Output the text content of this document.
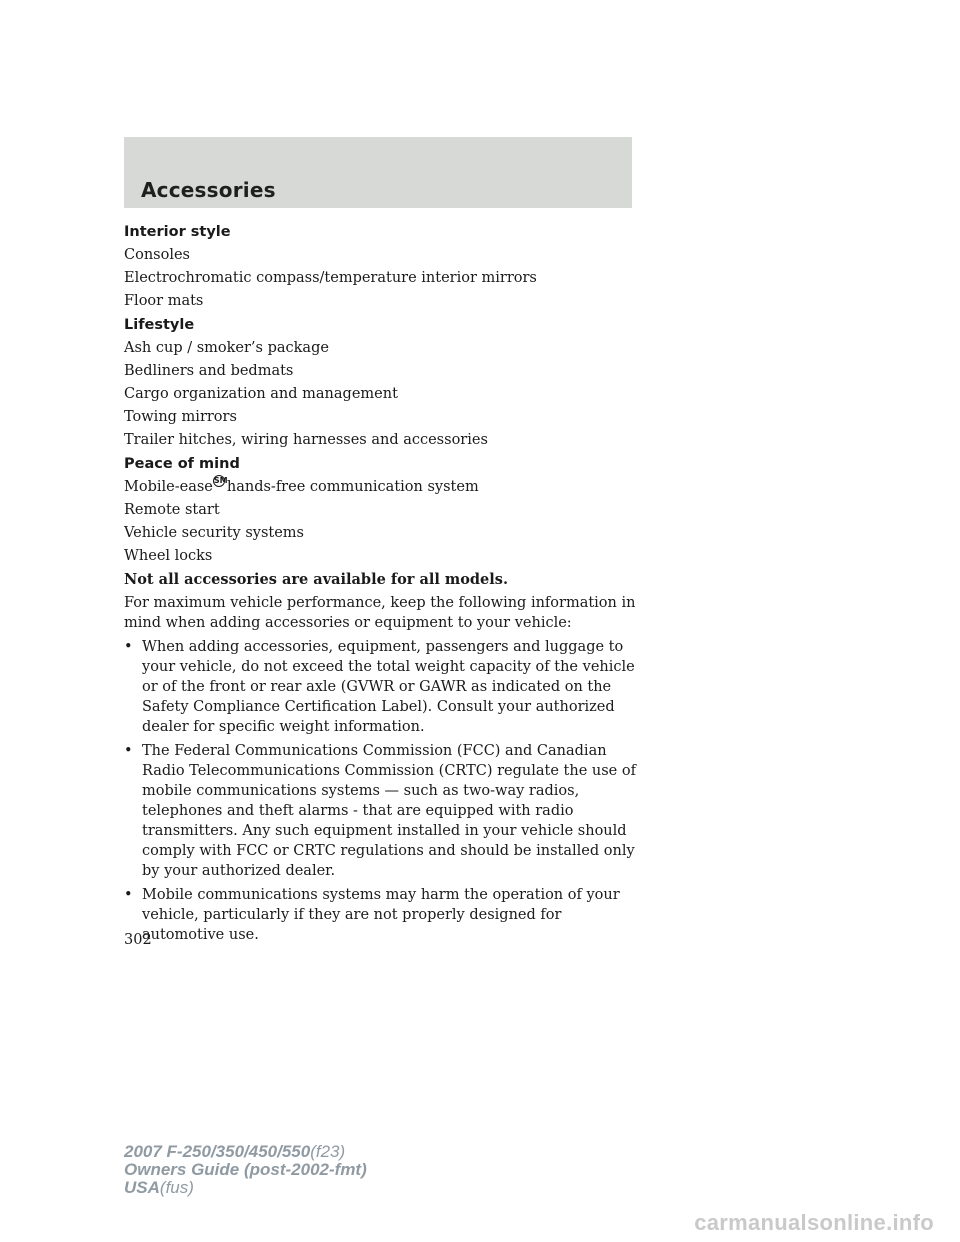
Accessories
Interior style
Consoles
Electrochromatic compass/temperature interior mirrors
Floor mats
Lifestyle
Ash cup / smoker’s package
Bedliners and bedmats
Cargo organization and management
Towing mirrors
Trailer hitches, wiring harnesses and accessories
Peace of mind
Mobile-easeSMhands-free communication system
Remote start
Vehicle security systems
Wheel locks
Not all accessories are available for all models.
For maximum vehicle performance, keep the following information in mind when adding accessories or equipment to your vehicle:
• When adding accessories, equipment, passengers and luggage to your vehicle, do not exceed the total weight capacity of the vehicle or of the front or rear axle (GVWR or GAWR as indicated on the Safety Compliance Certification Label). Consult your authorized dealer for specific weight information.
• The Federal Communications Commission (FCC) and Canadian Radio Telecommunications Commission (CRTC) regulate the use of mobile communications systems — such as two-way radios, telephones and theft alarms - that are equipped with radio transmitters. Any such equipment installed in your vehicle should comply with FCC or CRTC regulations and should be installed only by your authorized dealer.
• Mobile communications systems may harm the operation of your vehicle, particularly if they are not properly designed for automotive use.
302
2007 F-250/350/450/550(f23)
Owners Guide (post-2002-fmt)
USA(fus)
carmanualsonline.info
